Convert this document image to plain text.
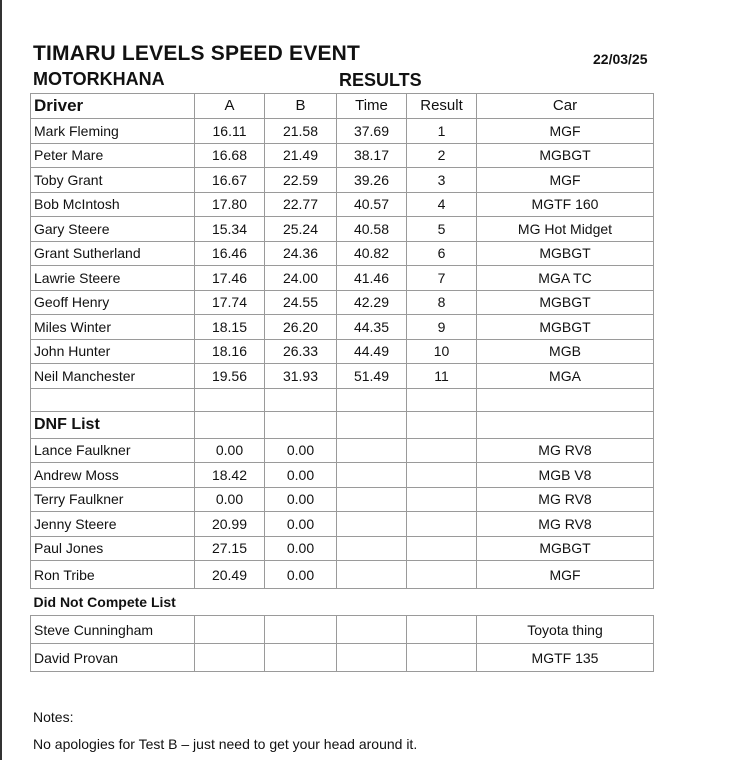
TIMARU LEVELS SPEED EVENT
MOTORKHANA	RESULTS
22/03/25
Driver	A	B	Time	Result	Car
Mark Fleming	16.11	21.58	37.69	1	MGF
Peter Mare	16.68	21.49	38.17	2	MGBGT
Toby Grant	16.67	22.59	39.26	3	MGF
Bob McIntosh	17.80	22.77	40.57	4	MGTF 160
Gary Steere	15.34	25.24	40.58	5	MG Hot Midget
Grant Sutherland	16.46	24.36	40.82	6	MGBGT
Lawrie Steere	17.46	24.00	41.46	7	MGA TC
Geoff Henry	17.74	24.55	42.29	8	MGBGT
Miles Winter	18.15	26.20	44.35	9	MGBGT
John Hunter	18.16	26.33	44.49	10	MGB
Neil Manchester	19.56	31.93	51.49	11	MGA

DNF List					
Lance Faulkner	0.00	0.00			MG RV8
Andrew Moss	18.42	0.00			MGB V8
Terry Faulkner	0.00	0.00			MG RV8
Jenny Steere	20.99	0.00			MG RV8
Paul Jones	27.15	0.00			MGBGT
Ron Tribe	20.49	0.00			MGF
Did Not Compete List					
Steve Cunningham					Toyota thing
David Provan					MGTF 135
Notes:
No apologies for Test B – just need to get your head around it.
